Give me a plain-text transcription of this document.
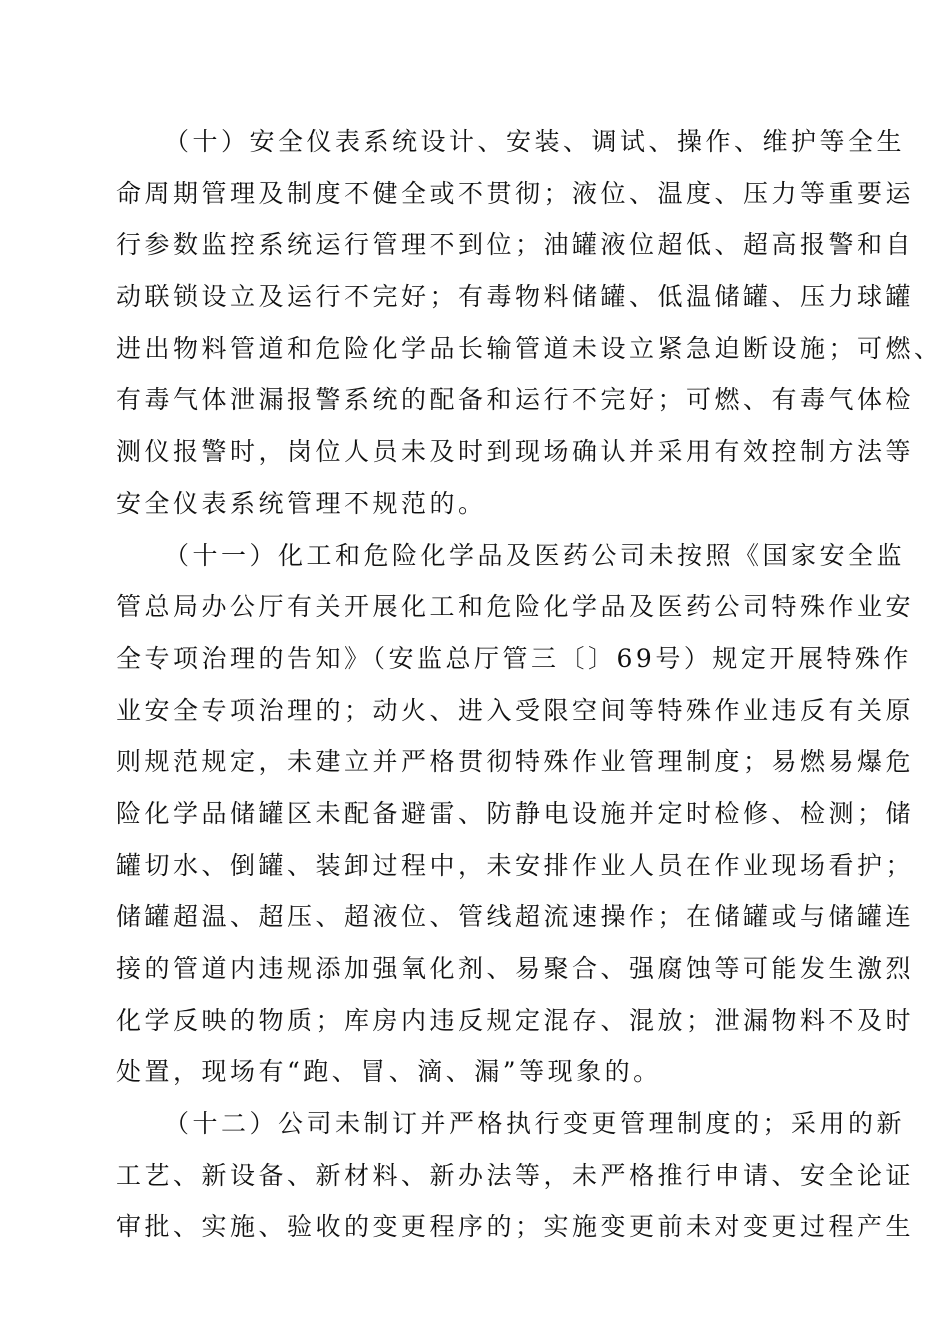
（十）安全仪表系统设计、安装、调试、操作、维护等全生
命周期管理及制度不健全或不贯彻；液位、温度、压力等重要运
行参数监控系统运行管理不到位；油罐液位超低、超高报警和自
动联锁设立及运行不完好；有毒物料储罐、低温储罐、压力球罐
进出物料管道和危险化学品长输管道未设立紧急迫断设施；可燃、
有毒气体泄漏报警系统的配备和运行不完好；可燃、有毒气体检
测仪报警时，岗位人员未及时到现场确认并采用有效控制方法等
安全仪表系统管理不规范的。
（十一）化工和危险化学品及医药公司未按照《国家安全监
管总局办公厅有关开展化工和危险化学品及医药公司特殊作业安
全专项治理的告知》（安监总厅管三〔〕69号）规定开展特殊作
业安全专项治理的；动火、进入受限空间等特殊作业违反有关原
则规范规定，未建立并严格贯彻特殊作业管理制度；易燃易爆危
险化学品储罐区未配备避雷、防静电设施并定时检修、检测；储
罐切水、倒罐、装卸过程中，未安排作业人员在作业现场看护；
储罐超温、超压、超液位、管线超流速操作；在储罐或与储罐连
接的管道内违规添加强氧化剂、易聚合、强腐蚀等可能发生激烈
化学反映的物质；库房内违反规定混存、混放；泄漏物料不及时
处置，现场有“跑、冒、滴、漏”等现象的。
（十二）公司未制订并严格执行变更管理制度的；采用的新
工艺、新设备、新材料、新办法等，未严格推行申请、安全论证
审批、实施、验收的变更程序的；实施变更前未对变更过程产生
